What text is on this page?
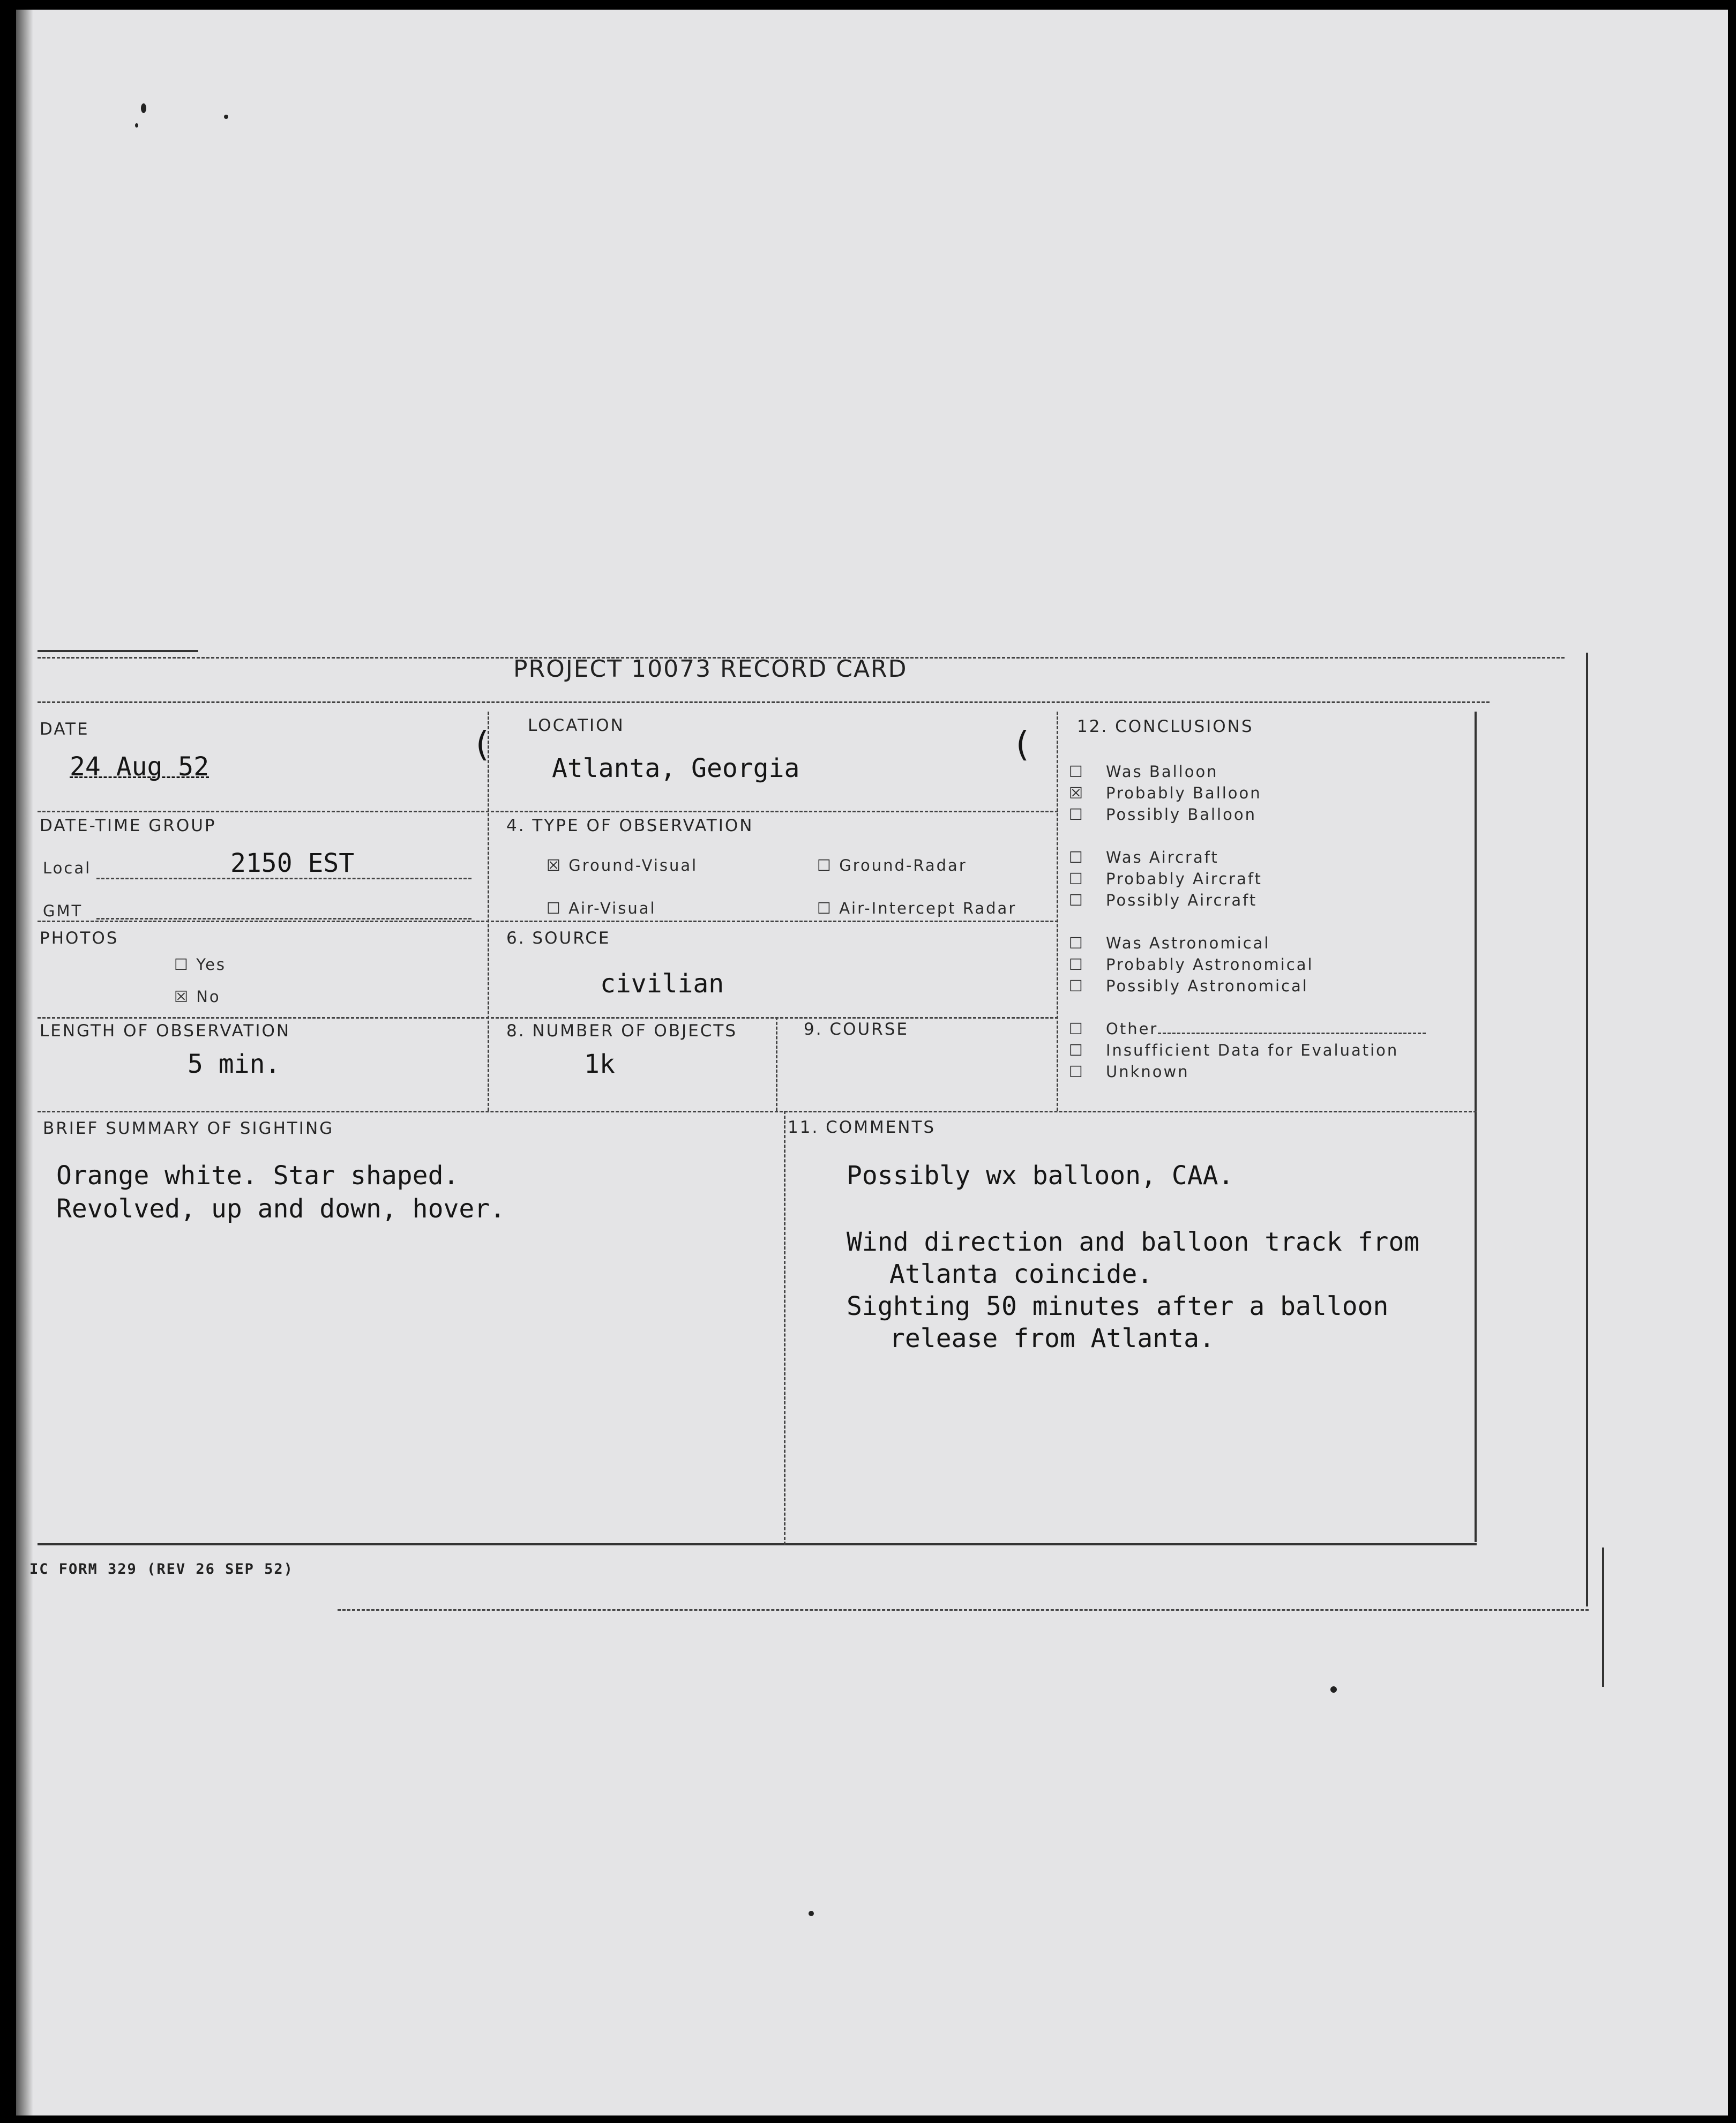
PROJECT 10073 RECORD CARD
DATE
24 Aug 52
( LOCATION
Atlanta, Georgia
(
DATE-TIME GROUP
Local	2150 EST
GMT
4. TYPE OF OBSERVATION
☒ Ground-Visual	☐ Ground-Radar
☐ Air-Visual	☐ Air-Intercept Radar
PHOTOS
☐ Yes
☒ No
6. SOURCE
civilian
LENGTH OF OBSERVATION
5 min.
8. NUMBER OF OBJECTS
1k
9. COURSE
12. CONCLUSIONS
☐ Was Balloon
☒ Probably Balloon
☐ Possibly Balloon
☐ Was Aircraft
☐ Probably Aircraft
☐ Possibly Aircraft
☐ Was Astronomical
☐ Probably Astronomical
☐ Possibly Astronomical
☐ Other
☐ Insufficient Data for Evaluation
☐ Unknown
BRIEF SUMMARY OF SIGHTING
Orange white. Star shaped.
Revolved, up and down, hover.
11. COMMENTS
Possibly wx balloon, CAA.
Wind direction and balloon track from
Atlanta coincide.
Sighting 50 minutes after a balloon
release from Atlanta.
IC FORM 329 (REV 26 SEP 52)
